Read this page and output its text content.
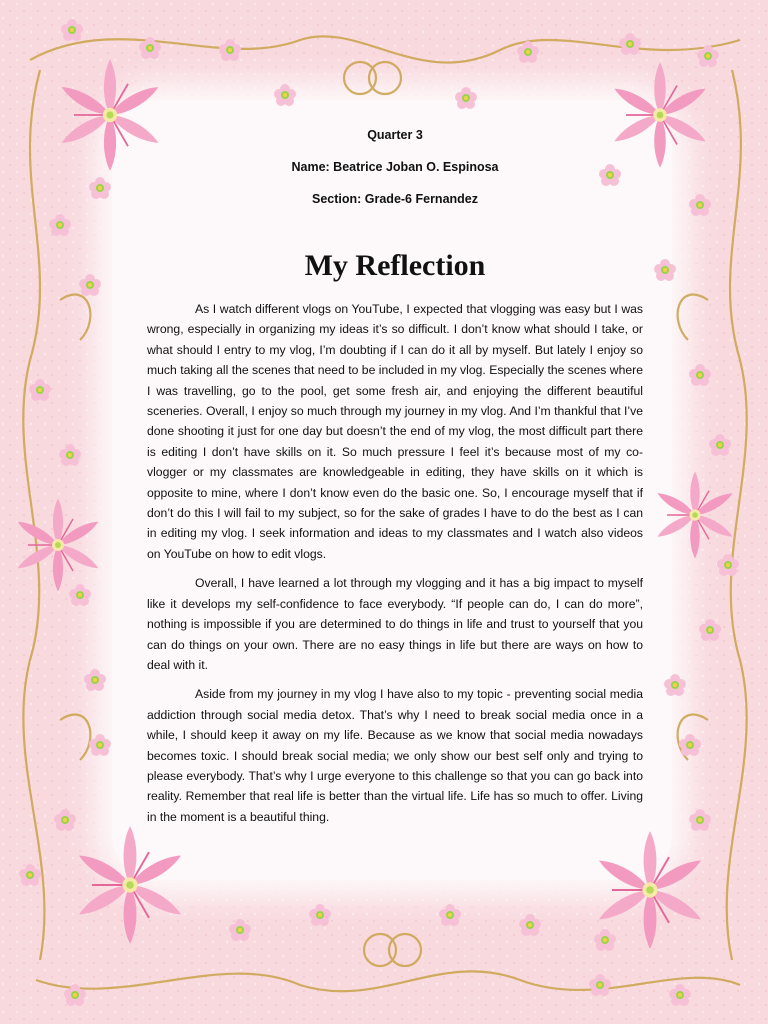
Quarter 3

Name: Beatrice Joban O. Espinosa

Section: Grade-6 Fernandez

My Reflection

As I watch different vlogs on YouTube, I expected that vlogging was easy but I was wrong, especially in organizing my ideas it’s so difficult. I don’t know what should I take, or what should I entry to my vlog, I’m doubting if I can do it all by myself. But lately I enjoy so much taking all the scenes that need to be included in my vlog. Especially the scenes where I was travelling, go to the pool, get some fresh air, and enjoying the different beautiful sceneries. Overall, I enjoy so much through my journey in my vlog. And I’m thankful that I’ve done shooting it just for one day but doesn’t the end of my vlog, the most difficult part there is editing I don’t have skills on it. So much pressure I feel it’s because most of my co-vlogger or my classmates are knowledgeable in editing, they have skills on it which is opposite to mine, where I don’t know even do the basic one. So, I encourage myself that if don’t do this I will fail to my subject, so for the sake of grades I have to do the best as I can in editing my vlog. I seek information and ideas to my classmates and I watch also videos on YouTube on how to edit vlogs.

Overall, I have learned a lot through my vlogging and it has a big impact to myself like it develops my self-confidence to face everybody. “If people can do, I can do more”, nothing is impossible if you are determined to do things in life and trust to yourself that you can do things on your own. There are no easy things in life but there are ways on how to deal with it.

Aside from my journey in my vlog I have also to my topic - preventing social media addiction through social media detox. That’s why I need to break social media once in a while, I should keep it away on my life. Because as we know that social media nowadays becomes toxic. I should break social media; we only show our best self only and trying to please everybody. That’s why I urge everyone to this challenge so that you can go back into reality. Remember that real life is better than the virtual life. Life has so much to offer. Living in the moment is a beautiful thing.
